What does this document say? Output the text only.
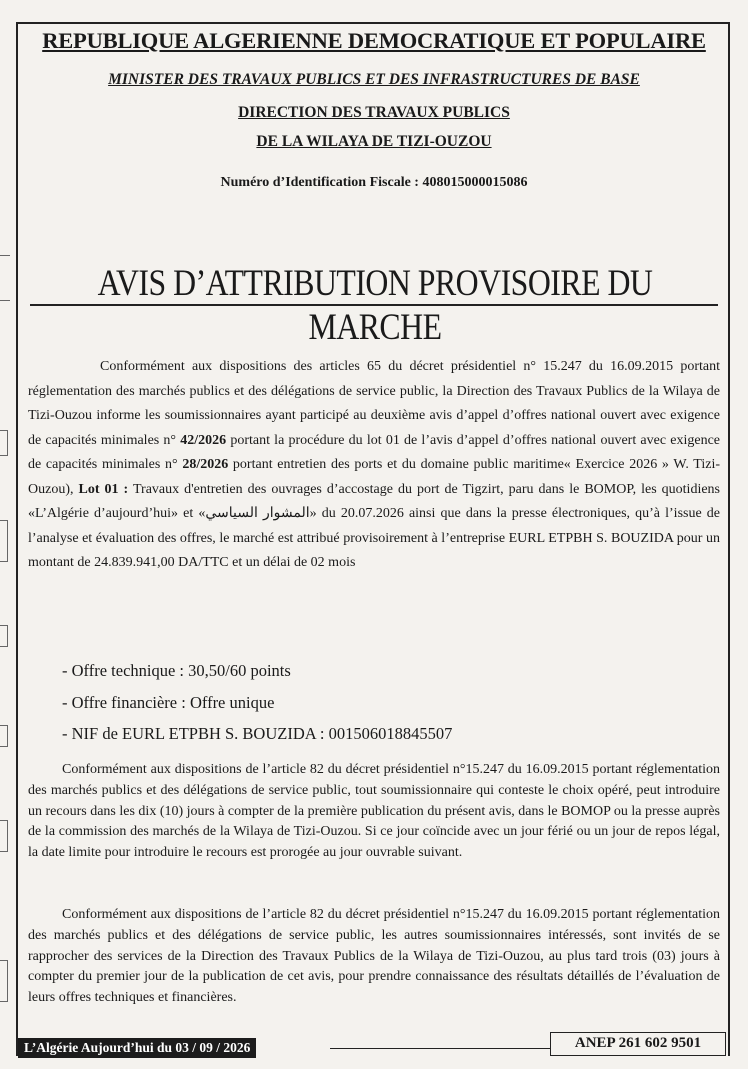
REPUBLIQUE ALGERIENNE DEMOCRATIQUE ET POPULAIRE
MINISTER DES TRAVAUX PUBLICS ET DES INFRASTRUCTURES DE BASE
DIRECTION DES TRAVAUX PUBLICS
DE LA WILAYA DE TIZI-OUZOU
Numéro d’Identification Fiscale : 408015000015086
AVIS D’ATTRIBUTION PROVISOIRE DU MARCHE
Conformément aux dispositions des articles 65 du décret présidentiel n° 15.247 du 16.09.2015 portant réglementation des marchés publics et des délégations de service public, la Direction des Travaux Publics de la Wilaya de Tizi-Ouzou informe les soumissionnaires ayant participé au deuxième avis d’appel d’offres national ouvert avec exigence de capacités minimales n° 42/2026 portant la procédure du lot 01 de l’avis d’appel d’offres national ouvert avec exigence de capacités minimales n° 28/2026 portant entretien des ports et du domaine public maritime« Exercice 2026 » W. Tizi-Ouzou), Lot 01 : Travaux d'entretien des ouvrages d’accostage du port de Tigzirt, paru dans le BOMOP, les quotidiens «L’Algérie d’aujourd’hui» et «المشوار السياسي» du 20.07.2026 ainsi que dans la presse électroniques, qu’à l’issue de l’analyse et évaluation des offres, le marché est attribué provisoirement à l’entreprise EURL ETPBH S. BOUZIDA pour un montant de 24.839.941,00 DA/TTC et un délai de 02 mois
- Offre technique : 30,50/60 points
- Offre financière : Offre unique
- NIF de EURL ETPBH S. BOUZIDA : 001506018845507
Conformément aux dispositions de l’article 82 du décret présidentiel n°15.247 du 16.09.2015 portant réglementation des marchés publics et des délégations de service public, tout soumissionnaire qui conteste le choix opéré, peut introduire un recours dans les dix (10) jours à compter de la première publication du présent avis, dans le BOMOP ou la presse auprès de la commission des marchés de la Wilaya de Tizi-Ouzou. Si ce jour coïncide avec un jour férié ou un jour de repos légal, la date limite pour introduire le recours est prorogée au jour ouvrable suivant.
Conformément aux dispositions de l’article 82 du décret présidentiel n°15.247 du 16.09.2015 portant réglementation des marchés publics et des délégations de service public, les autres soumissionnaires intéressés, sont invités de se rapprocher des services de la Direction des Travaux Publics de la Wilaya de Tizi-Ouzou, au plus tard trois (03) jours à compter du premier jour de la publication de cet avis, pour prendre connaissance des résultats détaillés de l’évaluation de leurs offres techniques et financières.
L’Algérie Aujourd’hui du 03 / 09 / 2026	ANEP 261 602 9501
